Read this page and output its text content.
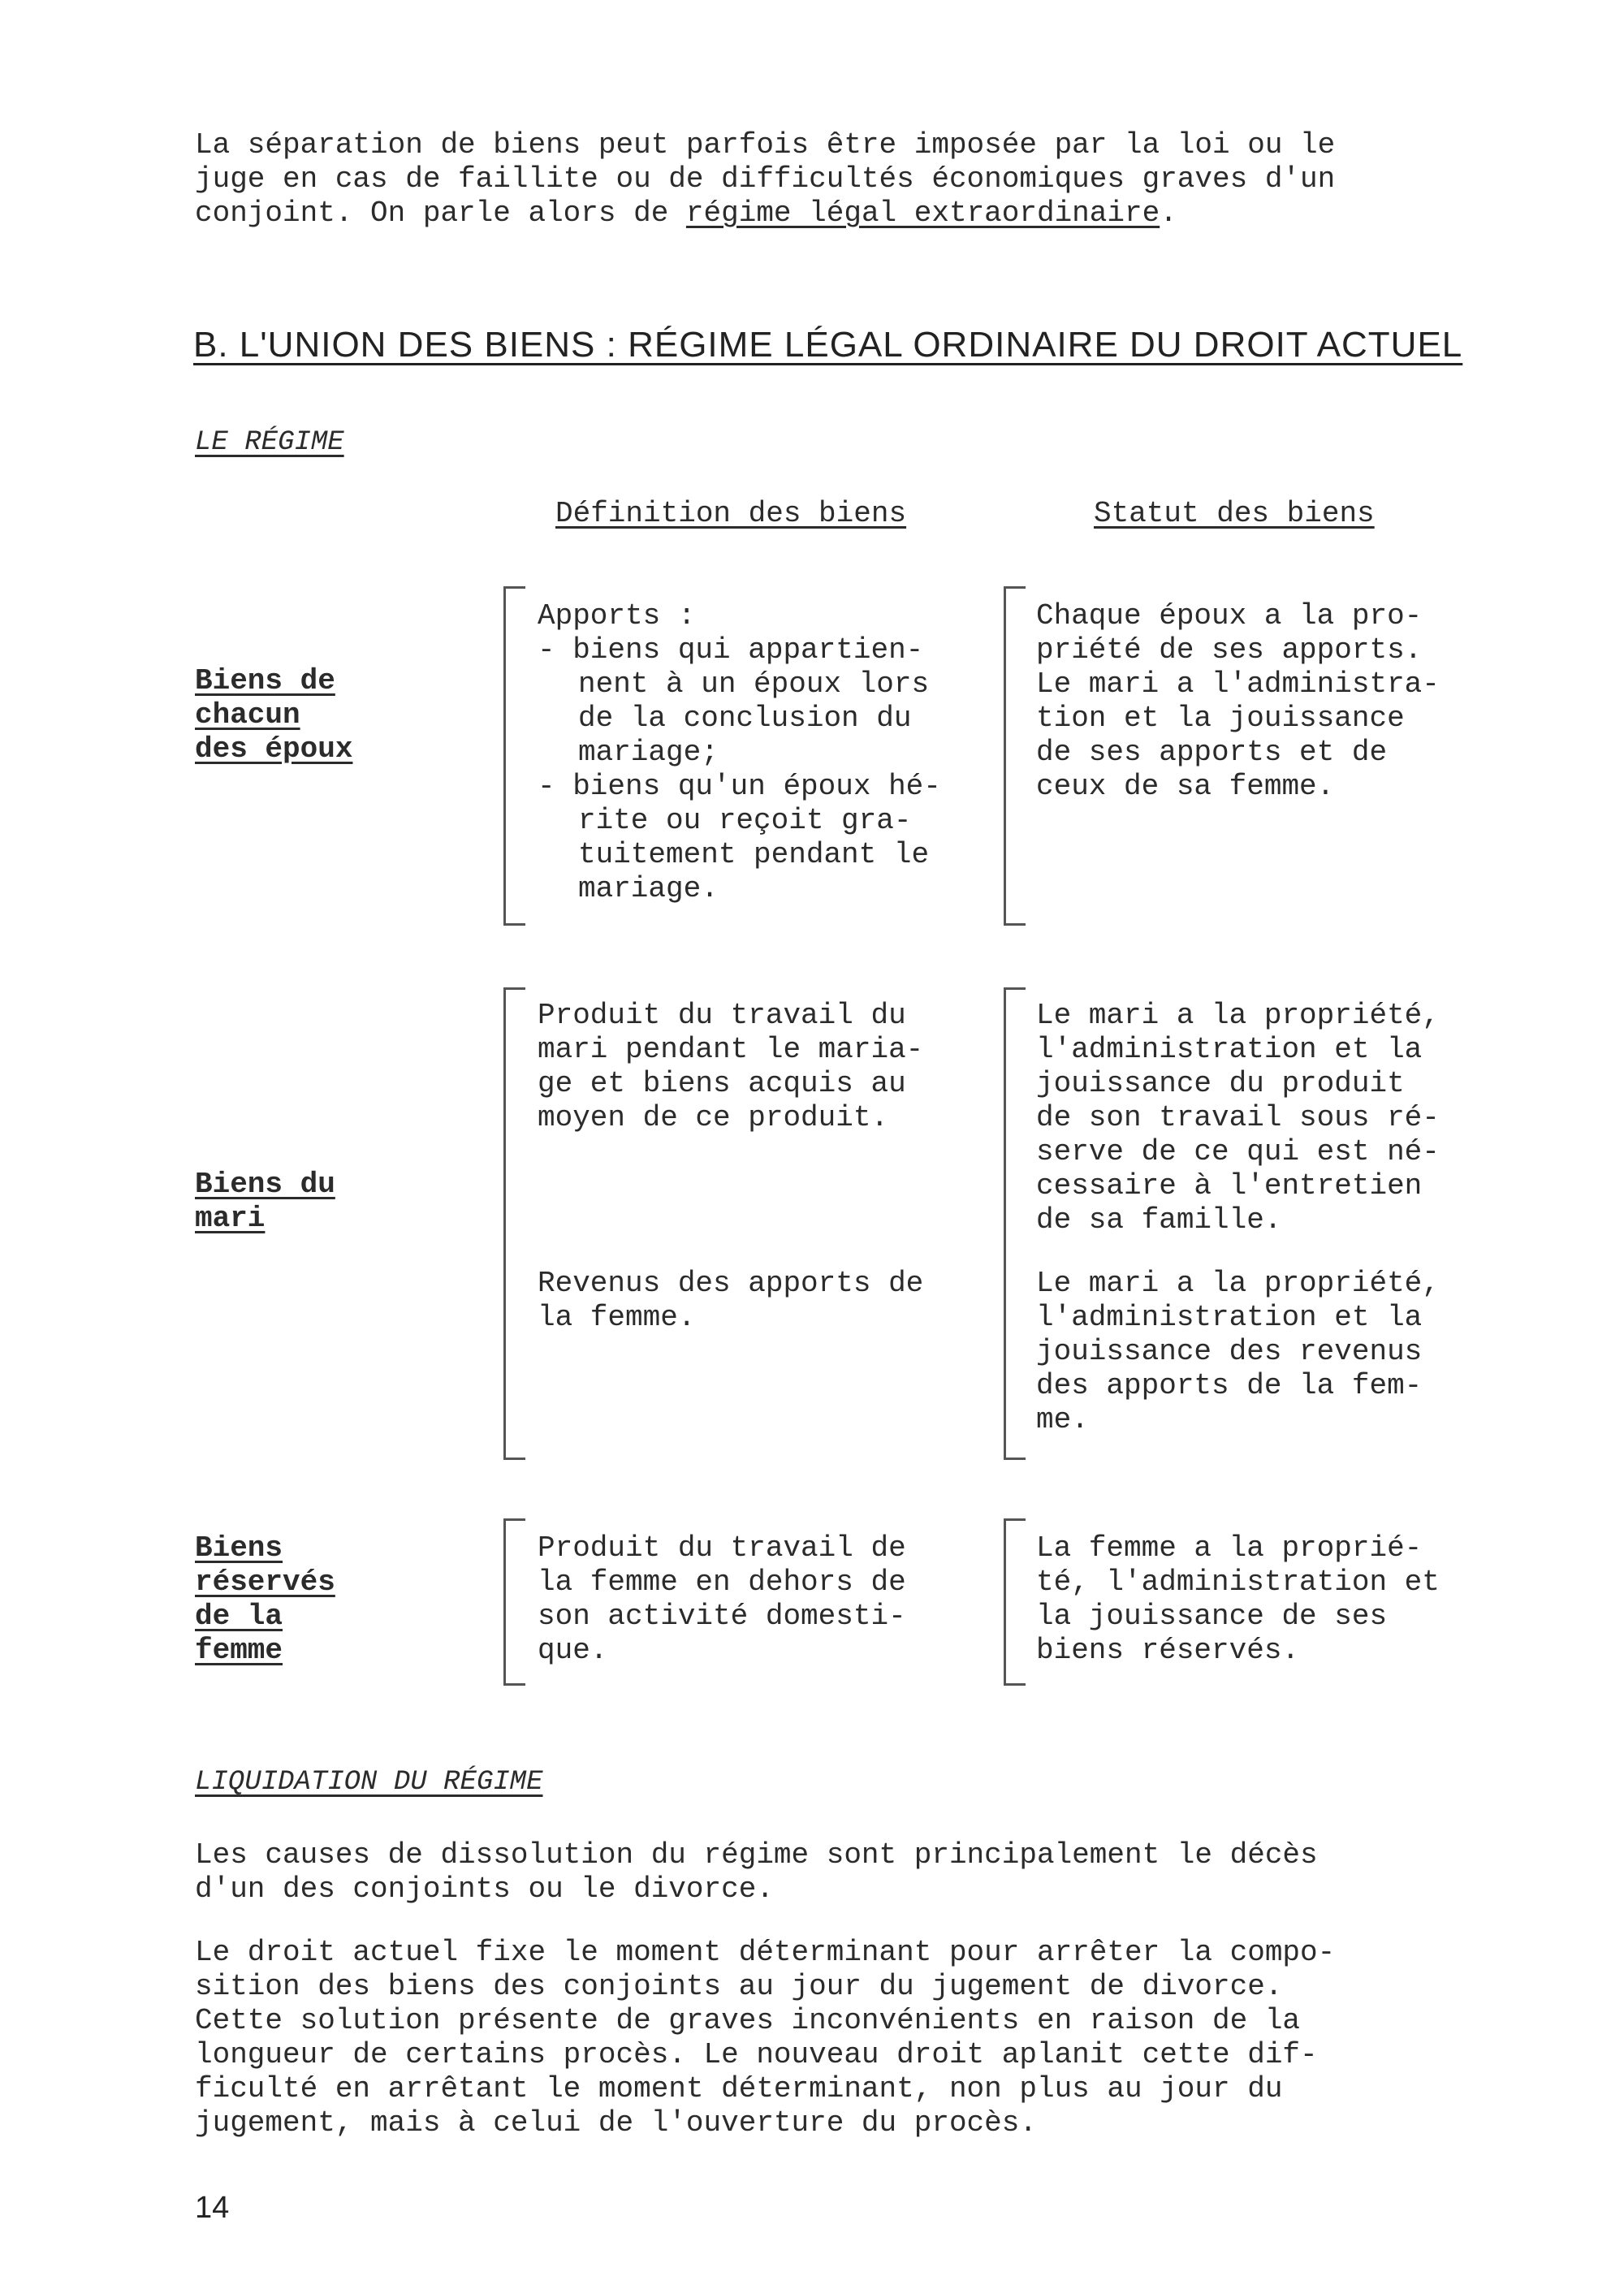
La séparation de biens peut parfois être imposée par la loi ou le
juge en cas de faillite ou de difficultés économiques graves d'un
conjoint. On parle alors de régime légal extraordinaire.

B. L'UNION DES BIENS : RÉGIME LÉGAL ORDINAIRE DU DROIT ACTUEL
LE RÉGIME
Définition des biens	Statut des biens
Biens de
chacun
des époux

Apports :

- biens qui appartien-
nent à un époux lors
de la conclusion du
mariage;

- biens qu'un époux hé-
rite ou reçoit gra-
tuitement pendant le
mariage.

Chaque époux a la pro-
priété de ses apports.
Le mari a l'administra-
tion et la jouissance
de ses apports et de
ceux de sa femme.

Biens du
mari

Produit du travail du
mari pendant le maria-
ge et biens acquis au
moyen de ce produit.

Revenus des apports de
la femme.

Le mari a la propriété,
l'administration et la
jouissance du produit
de son travail sous ré-
serve de ce qui est né-
cessaire à l'entretien
de sa famille.

Le mari a la propriété,
l'administration et la
jouissance des revenus
des apports de la fem-
me.

Biens
réservés
de la
femme

Produit du travail de
la femme en dehors de
son activité domesti-
que.

La femme a la proprié-
té, l'administration et
la jouissance de ses
biens réservés.

LIQUIDATION DU RÉGIME

Les causes de dissolution du régime sont principalement le décès
d'un des conjoints ou le divorce.

Le droit actuel fixe le moment déterminant pour arrêter la compo-
sition des biens des conjoints au jour du jugement de divorce.
Cette solution présente de graves inconvénients en raison de la
longueur de certains procès. Le nouveau droit aplanit cette dif-
ficulté en arrêtant le moment déterminant, non plus au jour du
jugement, mais à celui de l'ouverture du procès.

14
